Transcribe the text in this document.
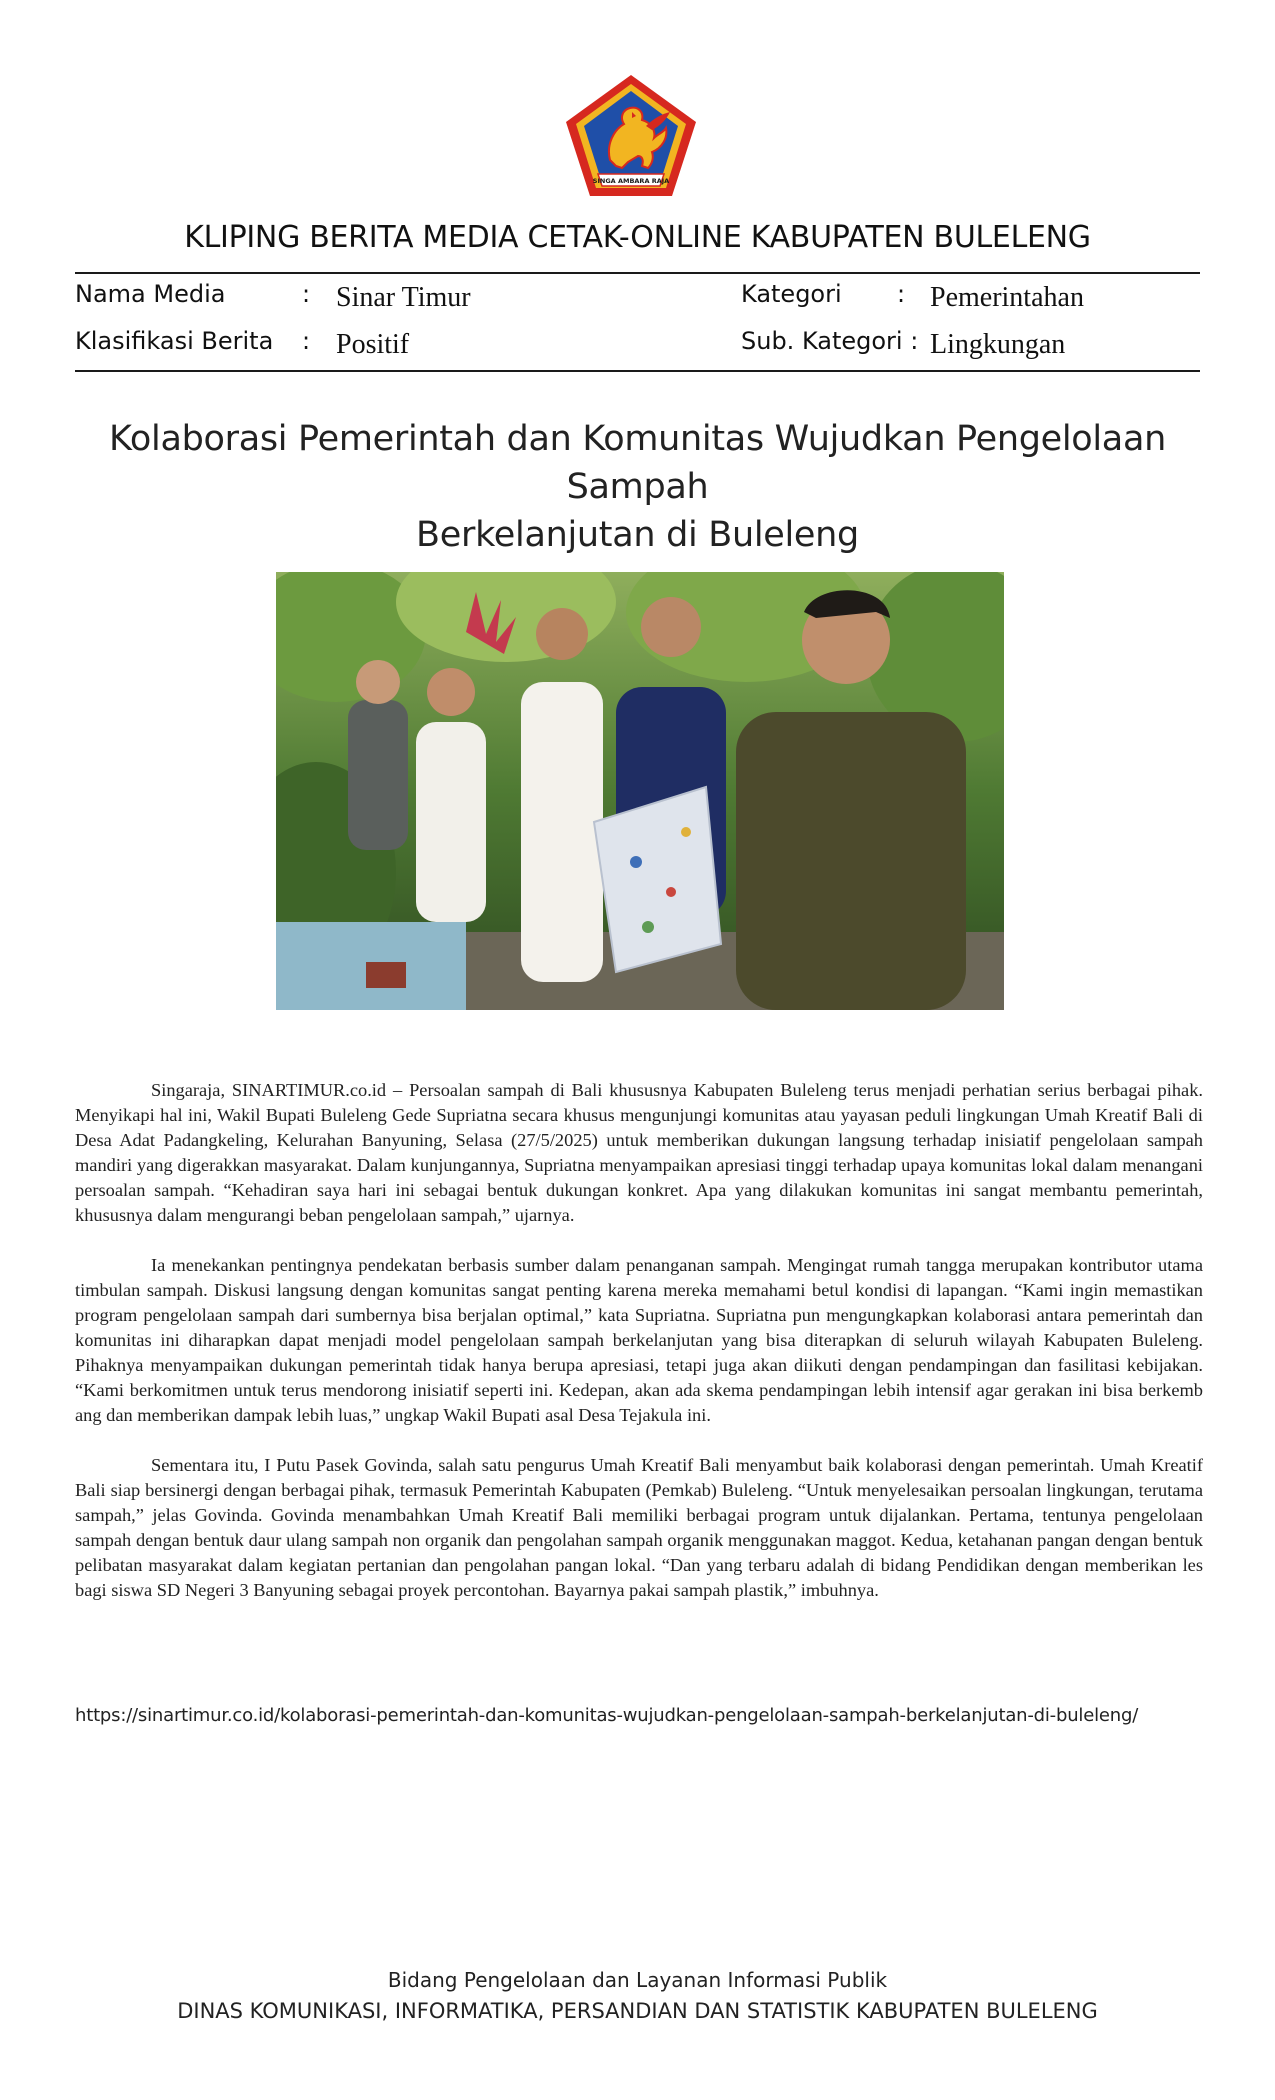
SINGA AMBARA RAJA
KLIPING BERITA MEDIA CETAK-ONLINE KABUPATEN BULELENG
Nama Media	: Sinar Timur	Kategori : Pemerintahan
Klasifikasi Berita : Positif	Sub. Kategori : Lingkungan
Kolaborasi Pemerintah dan Komunitas Wujudkan Pengelolaan Sampah
Berkelanjutan di Buleleng

Singaraja, SINARTIMUR.co.id – Persoalan sampah di Bali khususnya Kabupaten Buleleng terus menjadi perhatian serius berbagai pihak. Menyikapi hal ini, Wakil Bupati Buleleng Gede Supriatna secara khusus mengunjungi komunitas atau yayasan peduli lingkungan Umah Kreatif Bali di Desa Adat Padangkeling, Kelurahan Banyuning, Selasa (27/5/2025) untuk memberikan dukungan langsung terhadap inisiatif pengelolaan sampah mandiri yang digerakkan masyarakat. Dalam kunjungannya, Supriatna menyampaikan apresiasi tinggi terhadap upaya komunitas lokal dalam menangani persoalan sampah. “Kehadiran saya hari ini sebagai bentuk dukungan konkret. Apa yang dilakukan komunitas ini sangat membantu pemerintah, khususnya dalam mengurangi beban pengelolaan sampah,” ujarnya.

Ia menekankan pentingnya pendekatan berbasis sumber dalam penanganan sampah. Mengingat rumah tangga merupakan kontributor utama timbulan sampah. Diskusi langsung dengan komunitas sangat penting karena mereka memahami betul kondisi di lapangan. “Kami ingin memastikan program pengelolaan sampah dari sumbernya bisa berjalan optimal,” kata Supriatna. Supriatna pun mengungkapkan kolaborasi antara pemerintah dan komunitas ini diharapkan dapat menjadi model pengelolaan sampah berkelanjutan yang bisa diterapkan di seluruh wilayah Kabupaten Buleleng. Pihaknya menyampaikan dukungan pemerintah tidak hanya berupa apresiasi, tetapi juga akan diikuti dengan pendampingan dan fasilitasi kebijakan. “Kami berkomitmen untuk terus mendorong inisiatif seperti ini. Kedepan, akan ada skema pendampingan lebih intensif agar gerakan ini bisa berkemb ang dan memberikan dampak lebih luas,” ungkap Wakil Bupati asal Desa Tejakula ini.

Sementara itu, I Putu Pasek Govinda, salah satu pengurus Umah Kreatif Bali menyambut baik kolaborasi dengan pemerintah. Umah Kreatif Bali siap bersinergi dengan berbagai pihak, termasuk Pemerintah Kabupaten (Pemkab) Buleleng. “Untuk menyelesaikan persoalan lingkungan, terutama sampah,” jelas Govinda. Govinda menambahkan Umah Kreatif Bali memiliki berbagai program untuk dijalankan. Pertama, tentunya pengelolaan sampah dengan bentuk daur ulang sampah non organik dan pengolahan sampah organik menggunakan maggot. Kedua, ketahanan pangan dengan bentuk pelibatan masyarakat dalam kegiatan pertanian dan pengolahan pangan lokal. “Dan yang terbaru adalah di bidang Pendidikan dengan memberikan les bagi siswa SD Negeri 3 Banyuning sebagai proyek percontohan. Bayarnya pakai sampah plastik,” imbuhnya.

https://sinartimur.co.id/kolaborasi-pemerintah-dan-komunitas-wujudkan-pengelolaan-sampah-berkelanjutan-di-buleleng/
Bidang Pengelolaan dan Layanan Informasi Publik
DINAS KOMUNIKASI, INFORMATIKA, PERSANDIAN DAN STATISTIK KABUPATEN BULELENG
